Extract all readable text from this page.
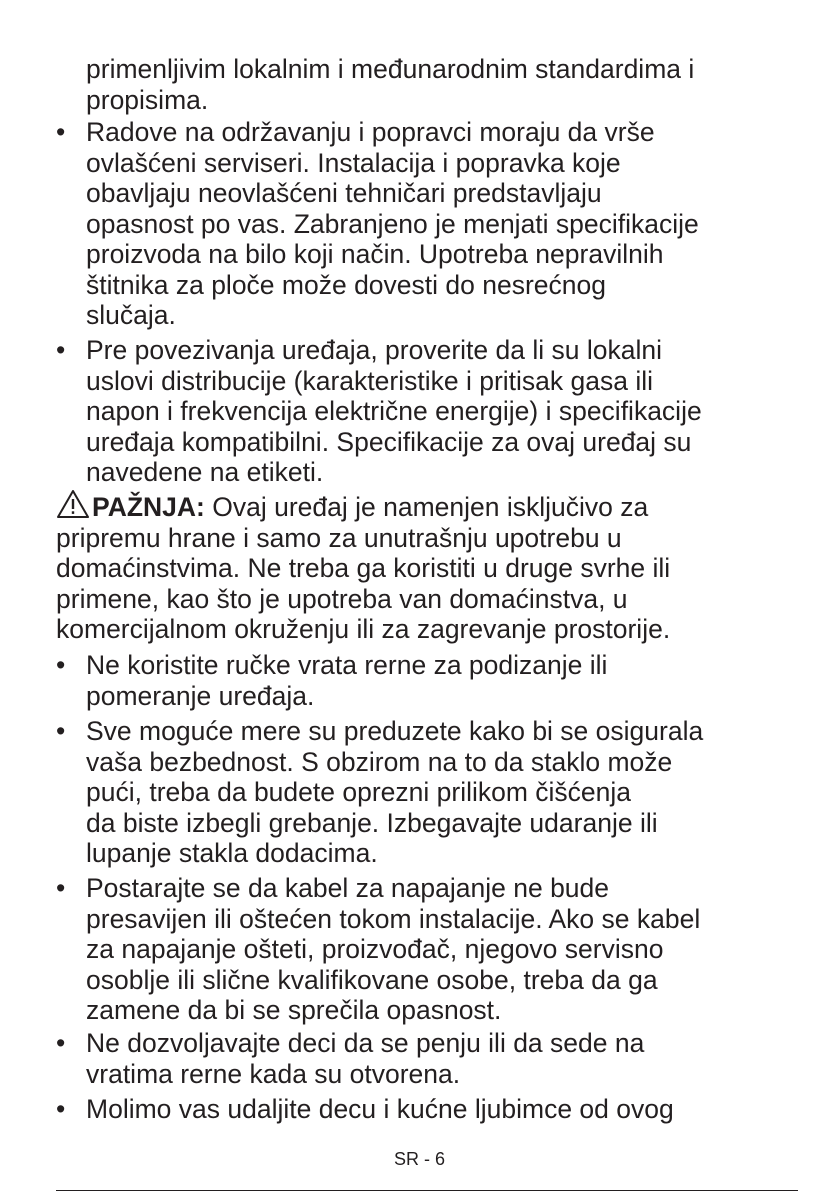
primenljivim lokalnim i međunarodnim standardima i
propisima.
• Radove na održavanju i popravci moraju da vrše
ovlašćeni serviseri. Instalacija i popravka koje
obavljaju neovlašćeni tehničari predstavljaju
opasnost po vas. Zabranjeno je menjati specifikacije
proizvoda na bilo koji način. Upotreba nepravilnih
štitnika za ploče može dovesti do nesrećnog
slučaja.
• Pre povezivanja uređaja, proverite da li su lokalni
uslovi distribucije (karakteristike i pritisak gasa ili
napon i frekvencija električne energije) i specifikacije
uređaja kompatibilni. Specifikacije za ovaj uređaj su
navedene na etiketi.
PAŽNJA: Ovaj uređaj je namenjen isključivo za
pripremu hrane i samo za unutrašnju upotrebu u
domaćinstvima. Ne treba ga koristiti u druge svrhe ili
primene, kao što je upotreba van domaćinstva, u
komercijalnom okruženju ili za zagrevanje prostorije.
• Ne koristite ručke vrata rerne za podizanje ili
pomeranje uređaja.
• Sve moguće mere su preduzete kako bi se osigurala
vaša bezbednost. S obzirom na to da staklo može
pući, treba da budete oprezni prilikom čišćenja
da biste izbegli grebanje. Izbegavajte udaranje ili
lupanje stakla dodacima.
• Postarajte se da kabel za napajanje ne bude
presavijen ili oštećen tokom instalacije. Ako se kabel
za napajanje ošteti, proizvođač, njegovo servisno
osoblje ili slične kvalifikovane osobe, treba da ga
zamene da bi se sprečila opasnost.
• Ne dozvoljavajte deci da se penju ili da sede na
vratima rerne kada su otvorena.
• Molimo vas udaljite decu i kućne ljubimce od ovog
SR - 6
